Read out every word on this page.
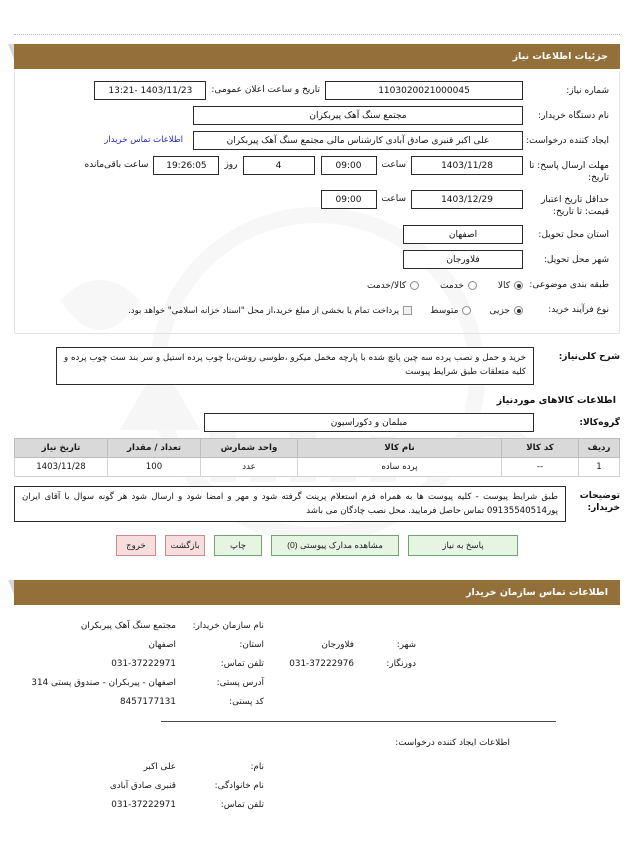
جزئیات اطلاعات نیاز
شماره نیاز:
1103020021000045
تاریخ و ساعت اعلان عمومی:
1403/11/23 -13:21
نام دستگاه خریدار:
مجتمع سنگ آهک پیربکران
ایجاد کننده درخواست:
علی اکبر قنبری صادق آبادی کارشناس مالی مجتمع سنگ آهک پیربکران
اطلاعات تماس خریدار
مهلت ارسال پاسخ: تا تاریخ:
1403/11/28
ساعت
09:00
4
روز
19:26:05
ساعت باقی‌مانده
حداقل تاریخ اعتبار قیمت: تا تاریخ:
1403/12/29
ساعت
09:00
استان محل تحویل:
اصفهان
شهر محل تحویل:
فلاورجان
طبقه بندی موضوعی:
کالا

خدمت

کالا/خدمت
نوع فرآیند خرید:
جزیی
متوسط
پرداخت تمام یا بخشی از مبلغ خرید،از محل "اسناد خزانه اسلامی" خواهد بود.
شرح کلی‌نیاز:
خرید و حمل و نصب پرده سه چین پانچ شده با پارچه مخمل میکرو ،طوسی روشن،با چوب پرده استیل و سر بند ست چوب پرده و کلیه متعلقات طبق شرایط پیوست
اطلاعات کالاهای موردنیاز
گروه‌کالا:
مبلمان و دکوراسیون
ردیف	کد کالا	نام کالا	واحد شمارش	تعداد / مقدار	تاریخ نیاز
1	--	پرده ساده	عدد	100	1403/11/28
توضیحات خریدار:
طبق شرایط پیوست - کلیه پیوست ها به همراه فرم استعلام پرینت گرفته شود و مهر و امضا شود و ارسال شود هر گونه سوال با آقای ایران پور09135540514 تماس حاصل فرمایید. محل نصب چادگان می باشد
پاسخ به نیاز
مشاهده مدارک پیوستی (0)
چاپ
بازگشت
خروج
اطلاعات تماس سازمان خریدار
نام سازمان خریدار:
مجتمع سنگ آهک پیربکران
شهر:
فلاورجان
استان:
اصفهان
دورنگار:
031-37222976
تلفن تماس:
031-37222971
آدرس پستی:
اصفهان - پیربکران - صندوق پستی 314
کد پستی:
8457177131
اطلاعات ایجاد کننده درخواست:
نام:
علی اکبر
نام خانوادگی:
قنبری صادق آبادی
تلفن تماس:
031-37222971
